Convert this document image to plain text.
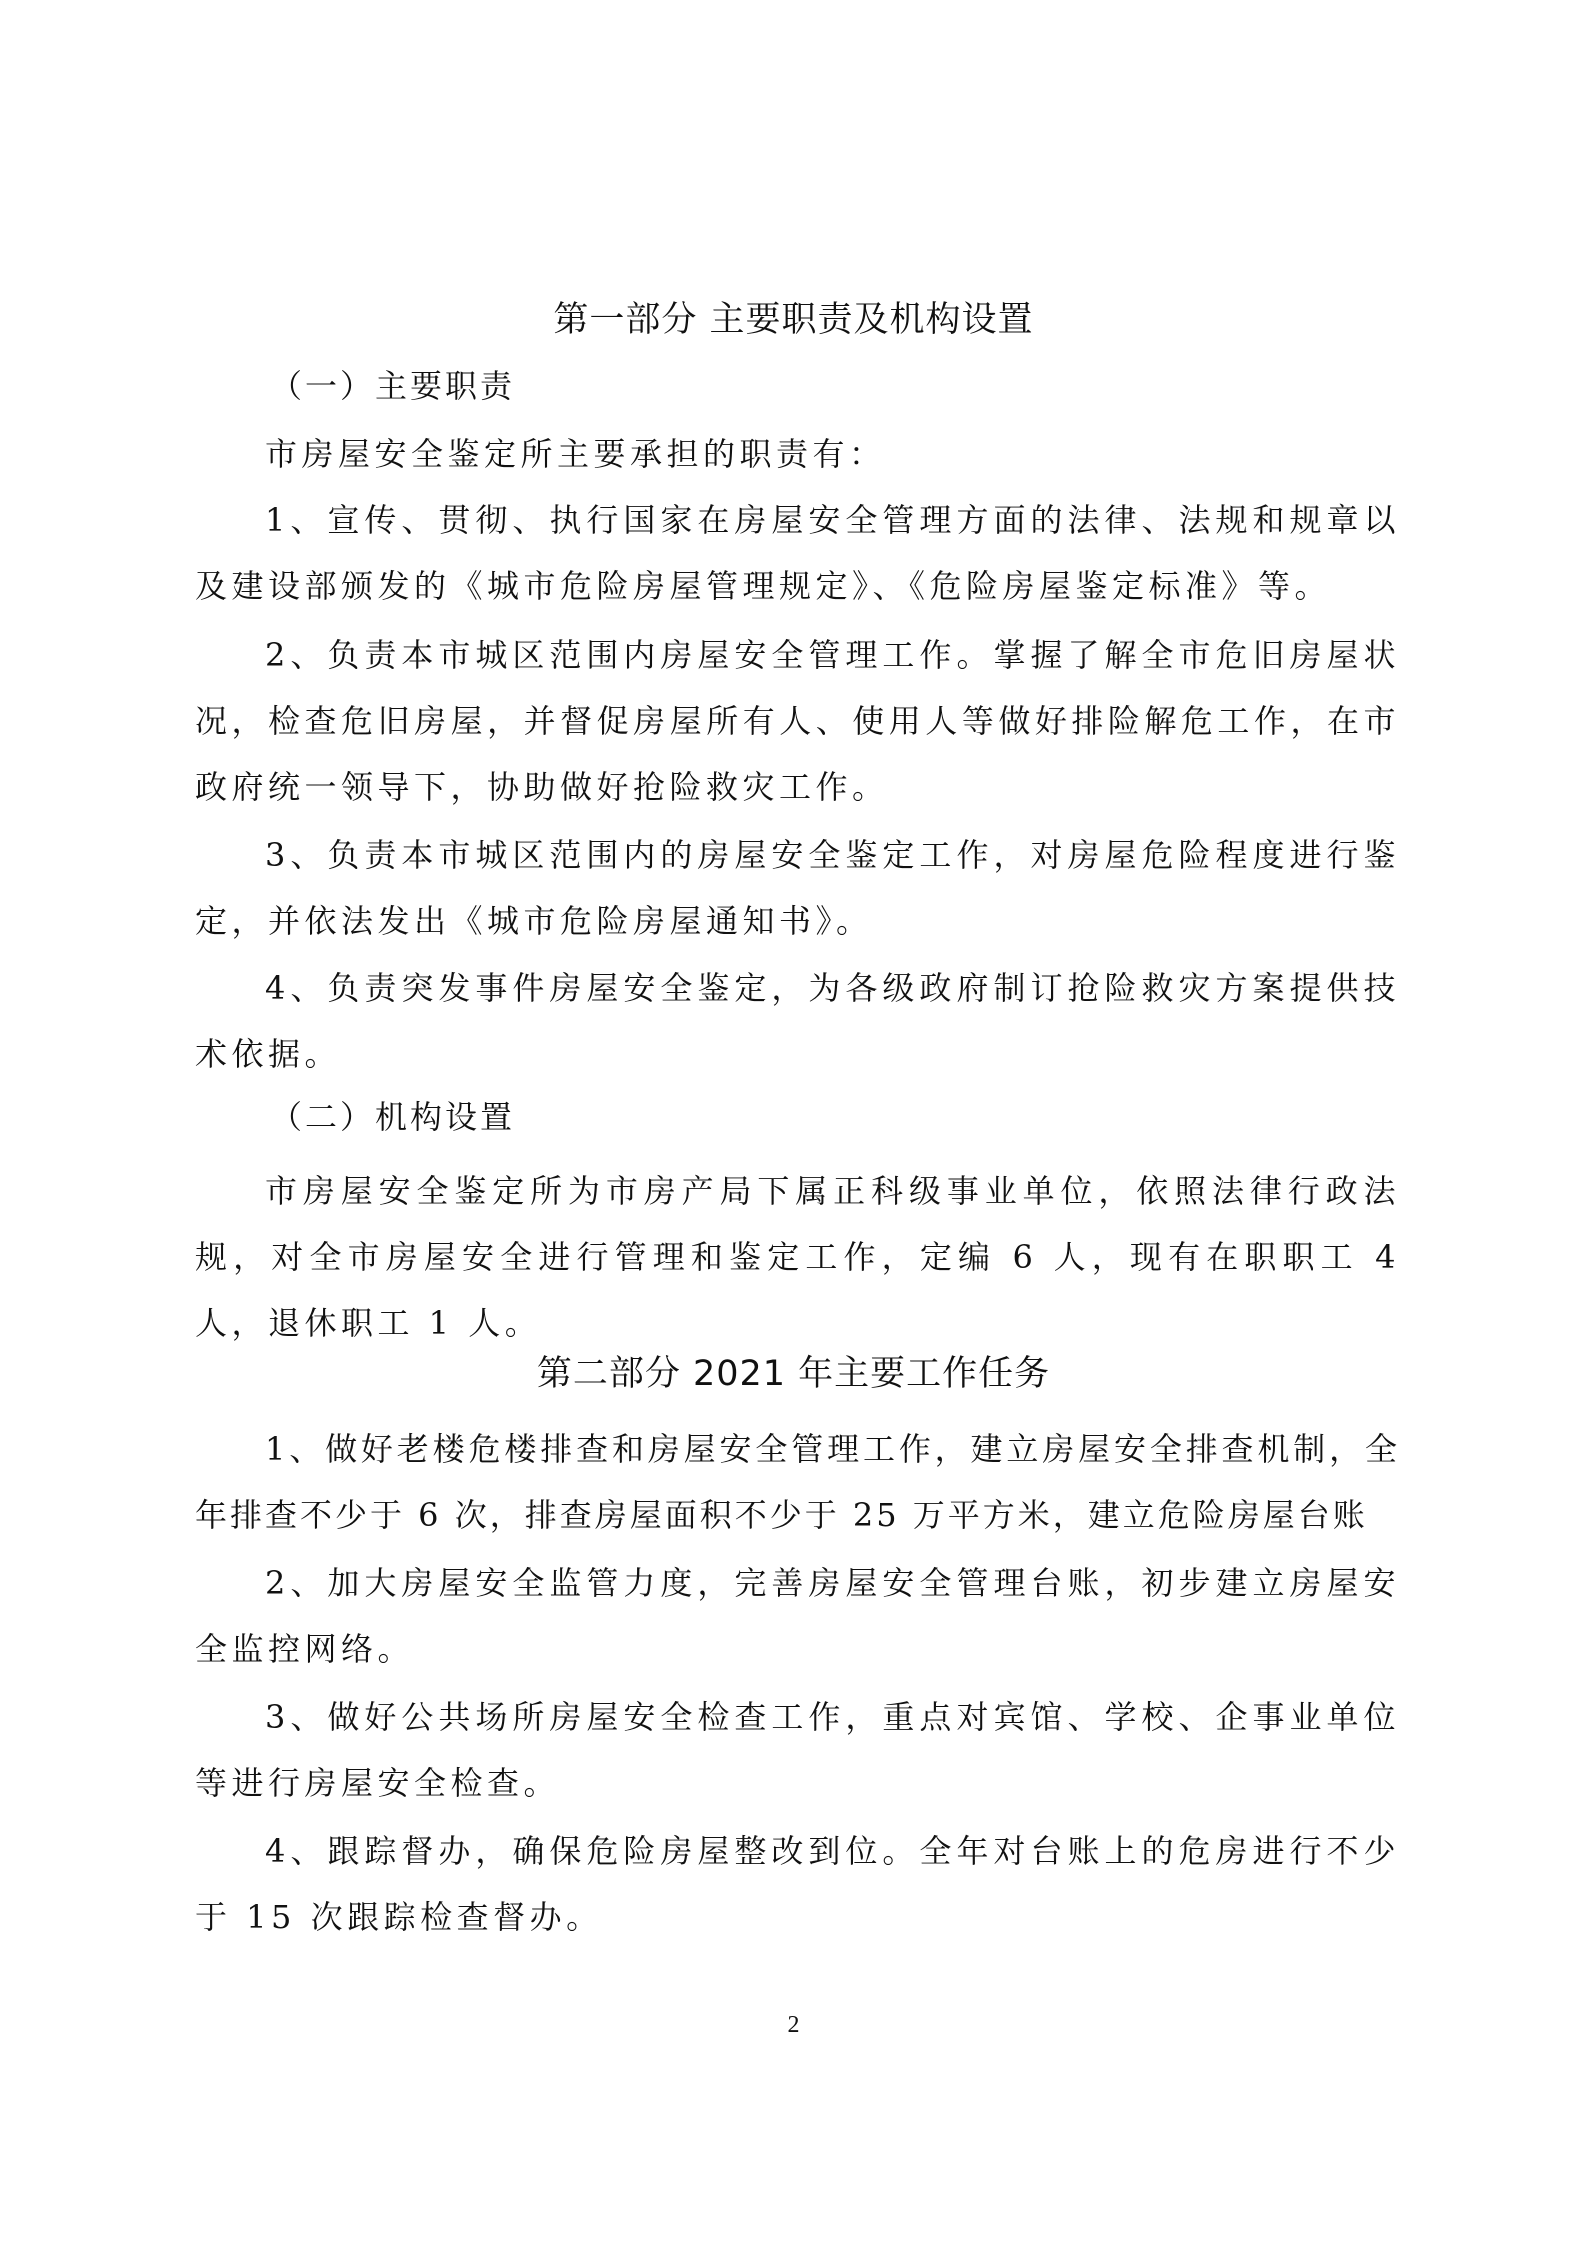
第一部分 主要职责及机构设置
（一）主要职责

市房屋安全鉴定所主要承担的职责有：

1、宣传、贯彻、执行国家在房屋安全管理方面的法律、法规和规章以及建设部颁发的《城市危险房屋管理规定》、《危险房屋鉴定标准》等。

2、负责本市城区范围内房屋安全管理工作。掌握了解全市危旧房屋状况，检查危旧房屋，并督促房屋所有人、使用人等做好排险解危工作，在市政府统一领导下，协助做好抢险救灾工作。

3、负责本市城区范围内的房屋安全鉴定工作，对房屋危险程度进行鉴定，并依法发出《城市危险房屋通知书》。

4、负责突发事件房屋安全鉴定，为各级政府制订抢险救灾方案提供技术依据。

（二）机构设置

市房屋安全鉴定所为市房产局下属正科级事业单位，依照法律行政法规，对全市房屋安全进行管理和鉴定工作，定编 6 人，现有在职职工 4 人，退休职工 1 人。

第二部分 2021 年主要工作任务

1、做好老楼危楼排查和房屋安全管理工作，建立房屋安全排查机制，全年排查不少于 6 次，排查房屋面积不少于 25 万平方米，建立危险房屋台账

2、加大房屋安全监管力度，完善房屋安全管理台账，初步建立房屋安全监控网络。

3、做好公共场所房屋安全检查工作，重点对宾馆、学校、企事业单位等进行房屋安全检查。

4、跟踪督办，确保危险房屋整改到位。全年对台账上的危房进行不少于 15 次跟踪检查督办。

2
